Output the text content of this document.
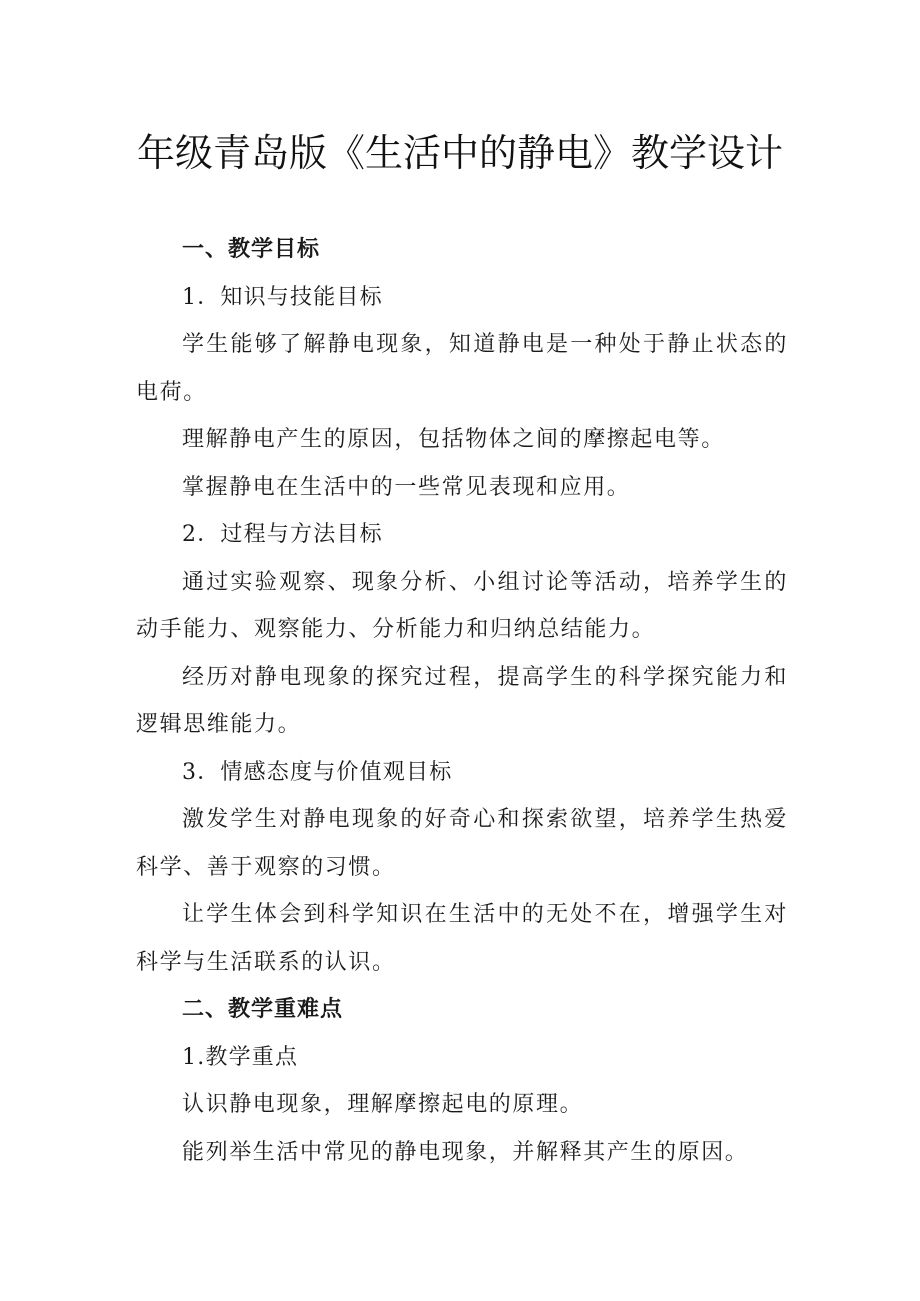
年级青岛版《生活中的静电》教学设计

一、教学目标

1．知识与技能目标

学生能够了解静电现象，知道静电是一种处于静止状态的电荷。

理解静电产生的原因，包括物体之间的摩擦起电等。

掌握静电在生活中的一些常见表现和应用。

2．过程与方法目标

通过实验观察、现象分析、小组讨论等活动，培养学生的动手能力、观察能力、分析能力和归纳总结能力。

经历对静电现象的探究过程，提高学生的科学探究能力和逻辑思维能力。

3．情感态度与价值观目标

激发学生对静电现象的好奇心和探索欲望，培养学生热爱科学、善于观察的习惯。

让学生体会到科学知识在生活中的无处不在，增强学生对科学与生活联系的认识。

二、教学重难点

1.教学重点

认识静电现象，理解摩擦起电的原理。

能列举生活中常见的静电现象，并解释其产生的原因。
